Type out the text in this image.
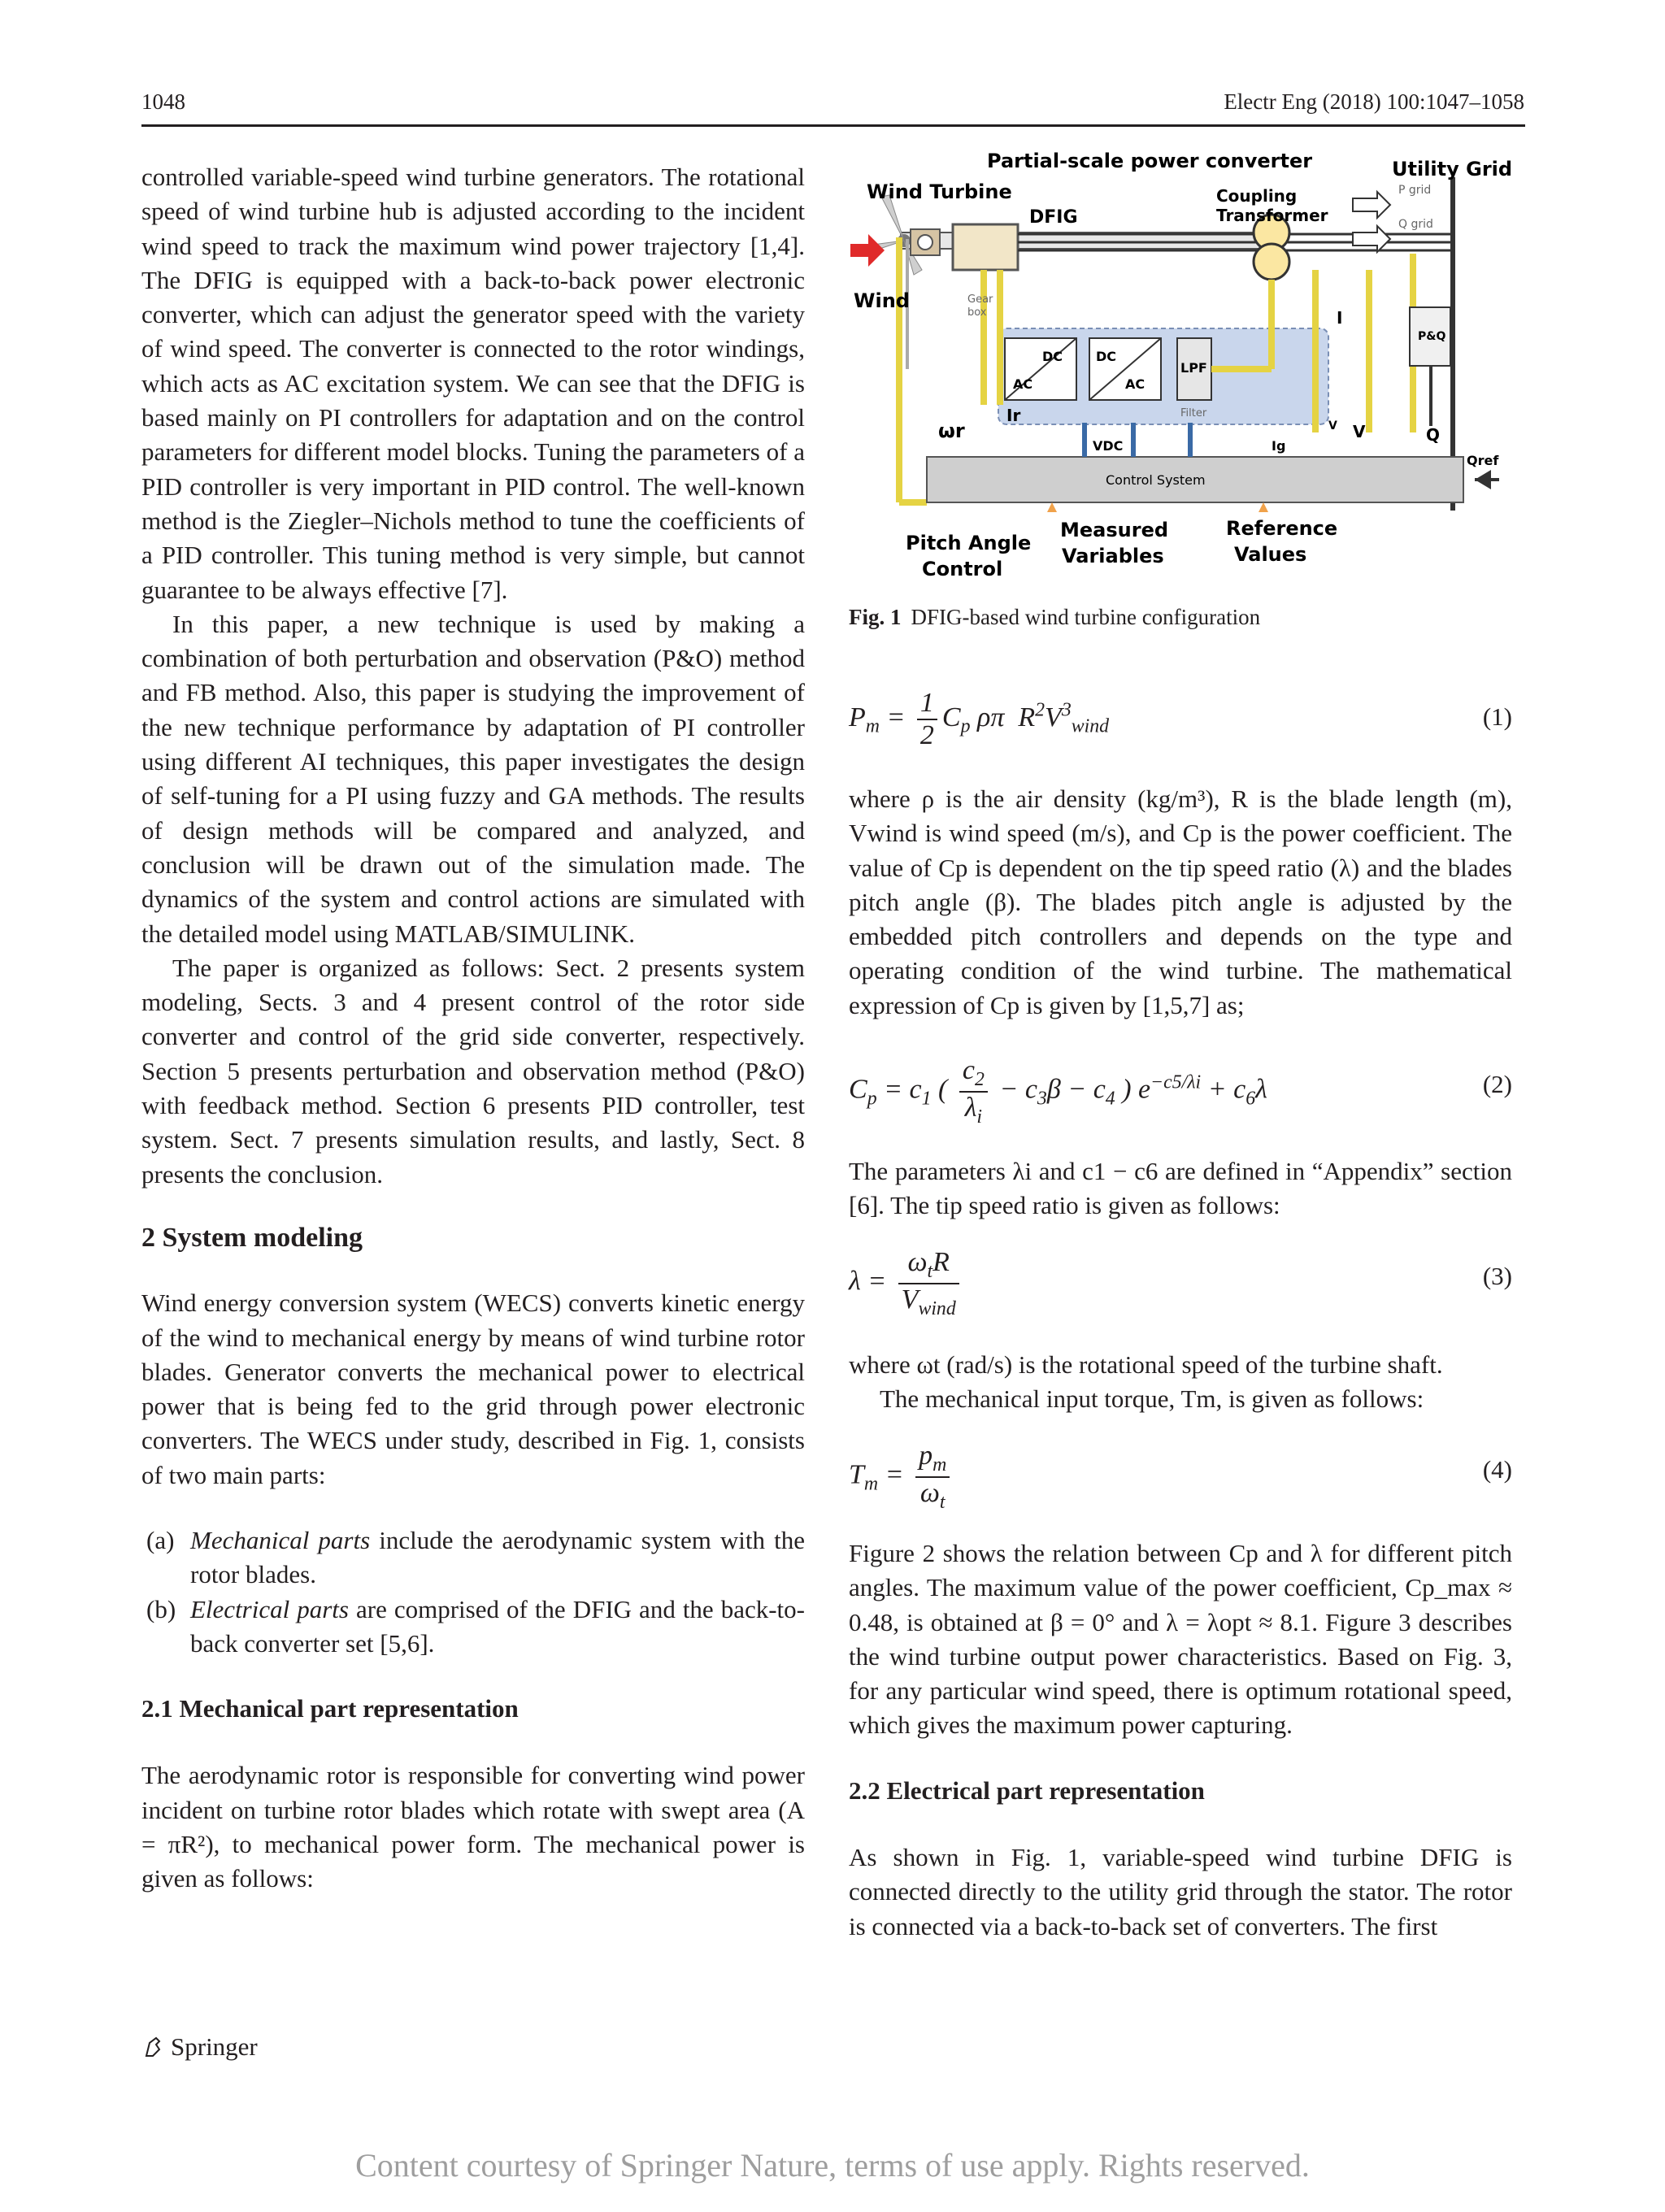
1048	Electr Eng (2018) 100:1047–1058

controlled variable-speed wind turbine generators. The rotational speed of wind turbine hub is adjusted according to the incident wind speed to track the maximum wind power trajectory [1,4]. The DFIG is equipped with a back-to-back power electronic converter, which can adjust the generator speed with the variety of wind speed. The converter is connected to the rotor windings, which acts as AC excitation system. We can see that the DFIG is based mainly on PI controllers for adaptation and on the control parameters for different model blocks. Tuning the parameters of a PID controller is very important in PID control. The well-known method is the Ziegler–Nichols method to tune the coefficients of a PID controller. This tuning method is very simple, but cannot guarantee to be always effective [7].

In this paper, a new technique is used by making a combination of both perturbation and observation (P&O) method and FB method. Also, this paper is studying the improvement of the new technique performance by adaptation of PI controller using different AI techniques, this paper investigates the design of self-tuning for a PI using fuzzy and GA methods. The results of design methods will be compared and analyzed, and conclusion will be drawn out of the simulation made. The dynamics of the system and control actions are simulated with the detailed model using MATLAB/SIMULINK.

The paper is organized as follows: Sect. 2 presents system modeling, Sects. 3 and 4 present control of the rotor side converter and control of the grid side converter, respectively. Section 5 presents perturbation and observation method (P&O) with feedback method. Section 6 presents PID controller, test system. Sect. 7 presents simulation results, and lastly, Sect. 8 presents the conclusion.

2 System modeling

Wind energy conversion system (WECS) converts kinetic energy of the wind to mechanical energy by means of wind turbine rotor blades. Generator converts the mechanical power to electrical power that is being fed to the grid through power electronic converters. The WECS under study, described in Fig. 1, consists of two main parts:

(a) Mechanical parts include the aerodynamic system with the rotor blades.
(b) Electrical parts are comprised of the DFIG and the back-to-back converter set [5,6].

2.1 Mechanical part representation

The aerodynamic rotor is responsible for converting wind power incident on turbine rotor blades which rotate with swept area (A = πR²), to mechanical power form. The mechanical power is given as follows:

Partial-scale power converter	Utility Grid
Wind Turbine
DFIG
Coupling
Transformer
Wind	Gear
box
DC
AC
DC
AC
LPF
Filter
P&Q
P grid
Q grid
ωr
Ir
VDC	Ig
I
V
V	Q
Qref
Control System
Pitch Angle
Control
Measured
Variables
Reference
Values
Fig. 1 DFIG-based wind turbine configuration
$P_m = \frac{1}{2} C_p$ ρπ  $R^2V^3_{wind}$	(1)

where ρ is the air density (kg/m³), R is the blade length (m), Vwind is wind speed (m/s), and Cp is the power coefficient. The value of Cp is dependent on the tip speed ratio (λ) and the blades pitch angle (β). The blades pitch angle is adjusted by the embedded pitch controllers and depends on the type and operating condition of the wind turbine. The mathematical expression of Cp is given by [1,5,7] as;

$C_p = c_1$ ( $\frac{c_2}{\lambda_i} - c_3\beta - c_4$ ) $e^{-c5/\lambda i} + c_6\lambda$	(2)

The parameters λi and c1 − c6 are defined in “Appendix” section [6]. The tip speed ratio is given as follows:

$\lambda = \frac{\omega_tR}{V_{wind}}$	(3)

where ωt (rad/s) is the rotational speed of the turbine shaft.

The mechanical input torque, Tm, is given as follows:

$T_m = \frac{p_m}{\omega_t}$	(4)

Figure 2 shows the relation between Cp and λ for different pitch angles. The maximum value of the power coefficient, Cp_max ≈ 0.48, is obtained at β = 0° and λ = λopt ≈ 8.1. Figure 3 describes the wind turbine output power characteristics. Based on Fig. 3, for any particular wind speed, there is optimum rotational speed, which gives the maximum power capturing.

2.2 Electrical part representation

As shown in Fig. 1, variable-speed wind turbine DFIG is connected directly to the utility grid through the stator. The rotor is connected via a back-to-back set of converters. The first

Springer
Content courtesy of Springer Nature, terms of use apply. Rights reserved.
